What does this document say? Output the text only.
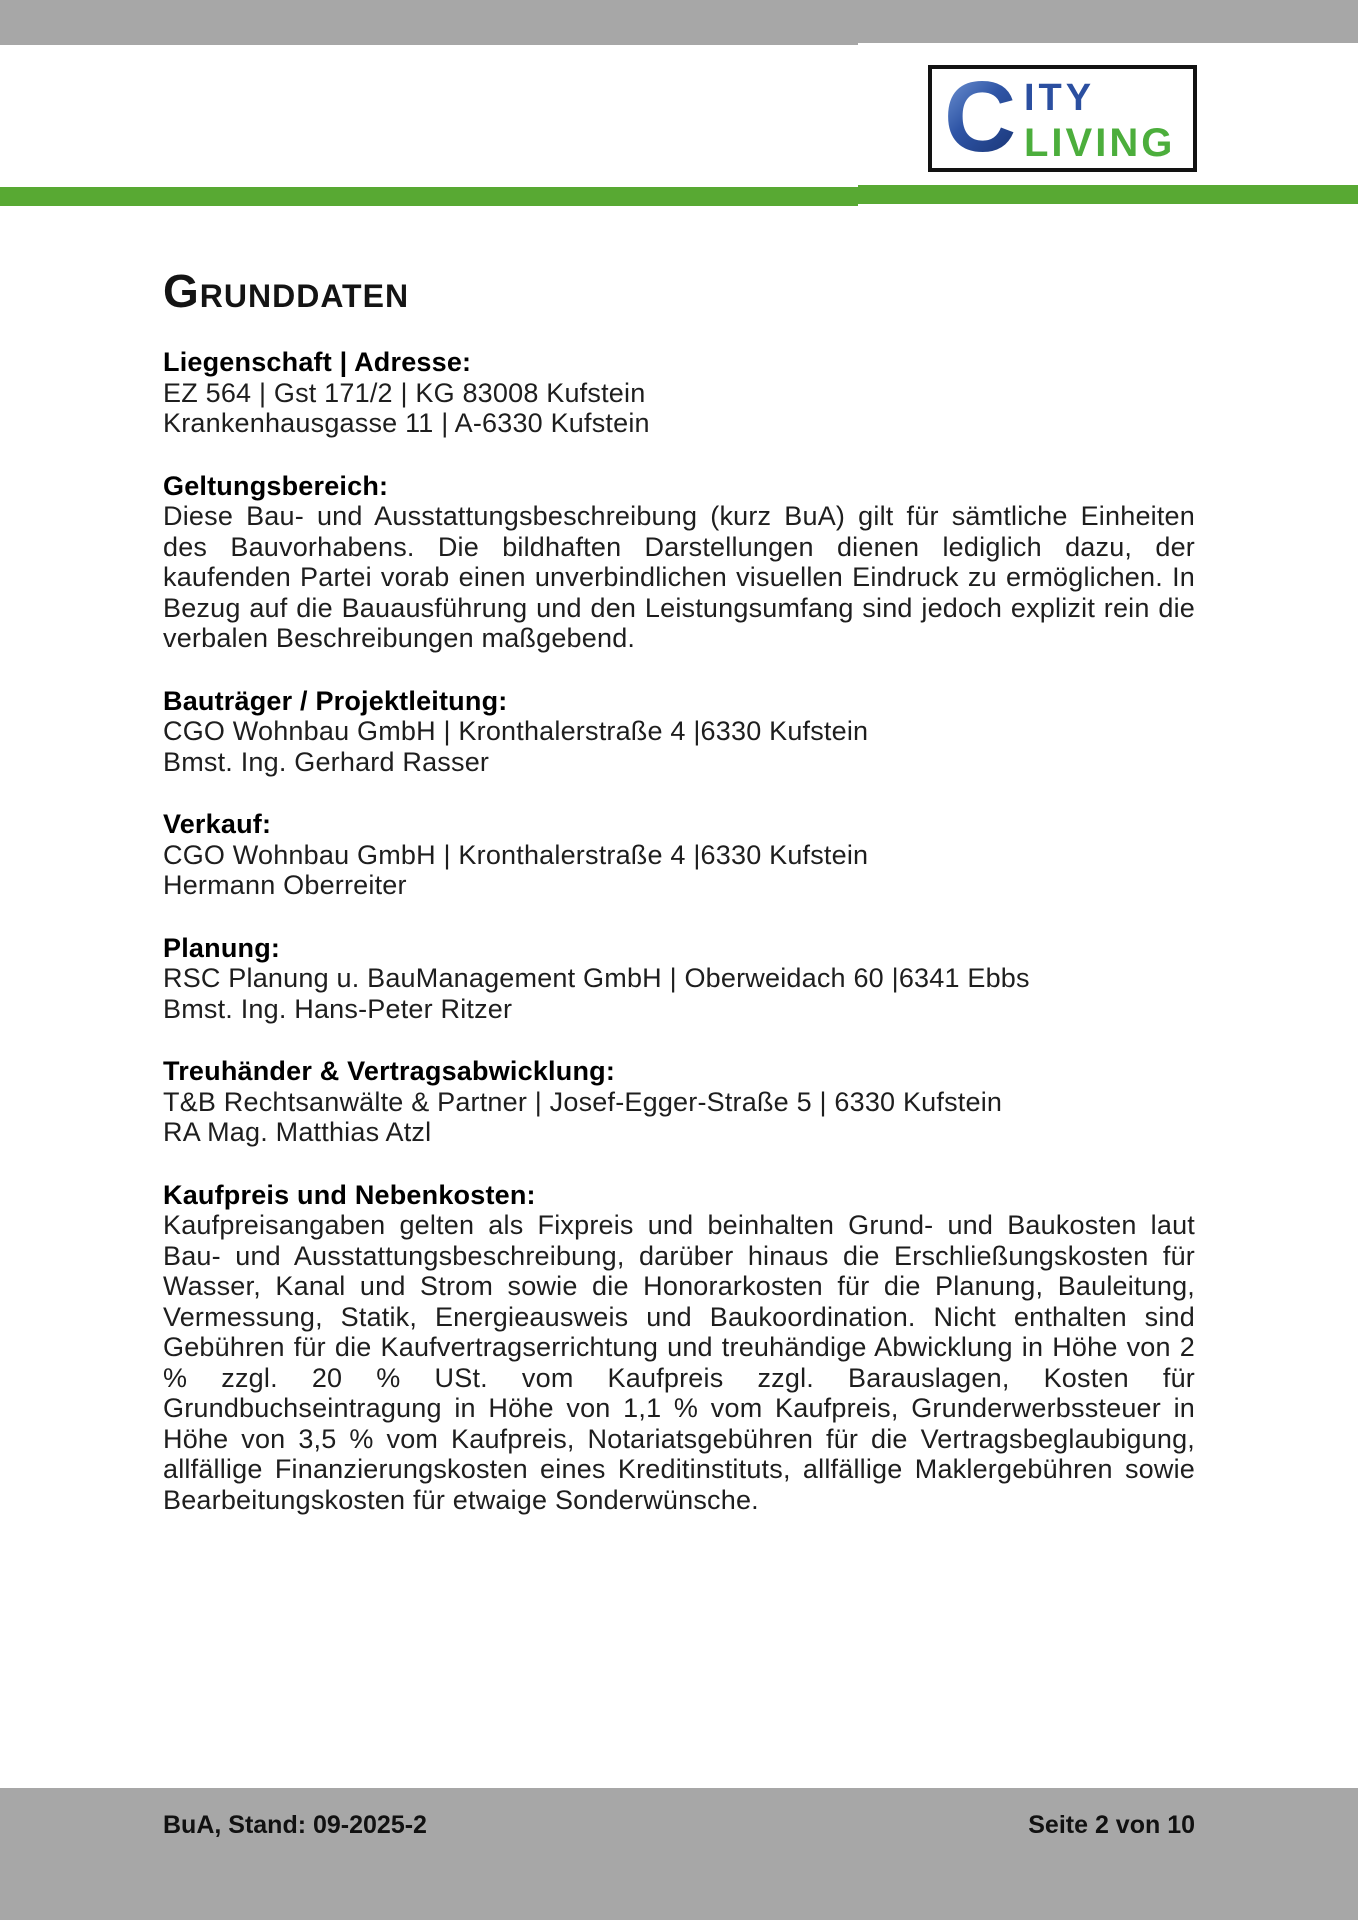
C ITY
LIVING
Grunddaten
Liegenschaft | Adresse:
EZ 564 | Gst 171/2 | KG 83008 Kufstein
Krankenhausgasse 11 | A-6330 Kufstein
Geltungsbereich:

Diese Bau- und Ausstattungsbeschreibung (kurz BuA) gilt für sämtliche Einheiten des Bauvorhabens. Die bildhaften Darstellungen dienen lediglich dazu, der kaufenden Partei vorab einen unverbindlichen visuellen Eindruck zu ermöglichen. In Bezug auf die Bauausführung und den Leistungsumfang sind jedoch explizit rein die verbalen Beschreibungen maßgebend.

Bauträger / Projektleitung:
CGO Wohnbau GmbH | Kronthalerstraße 4 |6330 Kufstein
Bmst. Ing. Gerhard Rasser
Verkauf:
CGO Wohnbau GmbH | Kronthalerstraße 4 |6330 Kufstein
Hermann Oberreiter
Planung:
RSC Planung u. BauManagement GmbH | Oberweidach 60 |6341 Ebbs
Bmst. Ing. Hans-Peter Ritzer
Treuhänder & Vertragsabwicklung:
T&B Rechtsanwälte & Partner | Josef-Egger-Straße 5 | 6330 Kufstein
RA Mag. Matthias Atzl
Kaufpreis und Nebenkosten:

Kaufpreisangaben gelten als Fixpreis und beinhalten Grund- und Baukosten laut Bau- und Ausstattungsbeschreibung, darüber hinaus die Erschließungskosten für Wasser, Kanal und Strom sowie die Honorarkosten für die Planung, Bauleitung, Vermessung, Statik, Energieausweis und Baukoordination. Nicht enthalten sind Gebühren für die Kaufvertragserrichtung und treuhändige Abwicklung in Höhe von 2 % zzgl. 20 % USt. vom Kaufpreis zzgl. Barauslagen, Kosten für Grundbuchseintragung in Höhe von 1,1 % vom Kaufpreis, Grunderwerbssteuer in Höhe von 3,5 % vom Kaufpreis, Notariatsgebühren für die Vertragsbeglaubigung, allfällige Finanzierungskosten eines Kreditinstituts, allfällige Maklergebühren sowie Bearbeitungskosten für etwaige Sonderwünsche.

BuA, Stand: 09-2025-2	Seite 2 von 10
